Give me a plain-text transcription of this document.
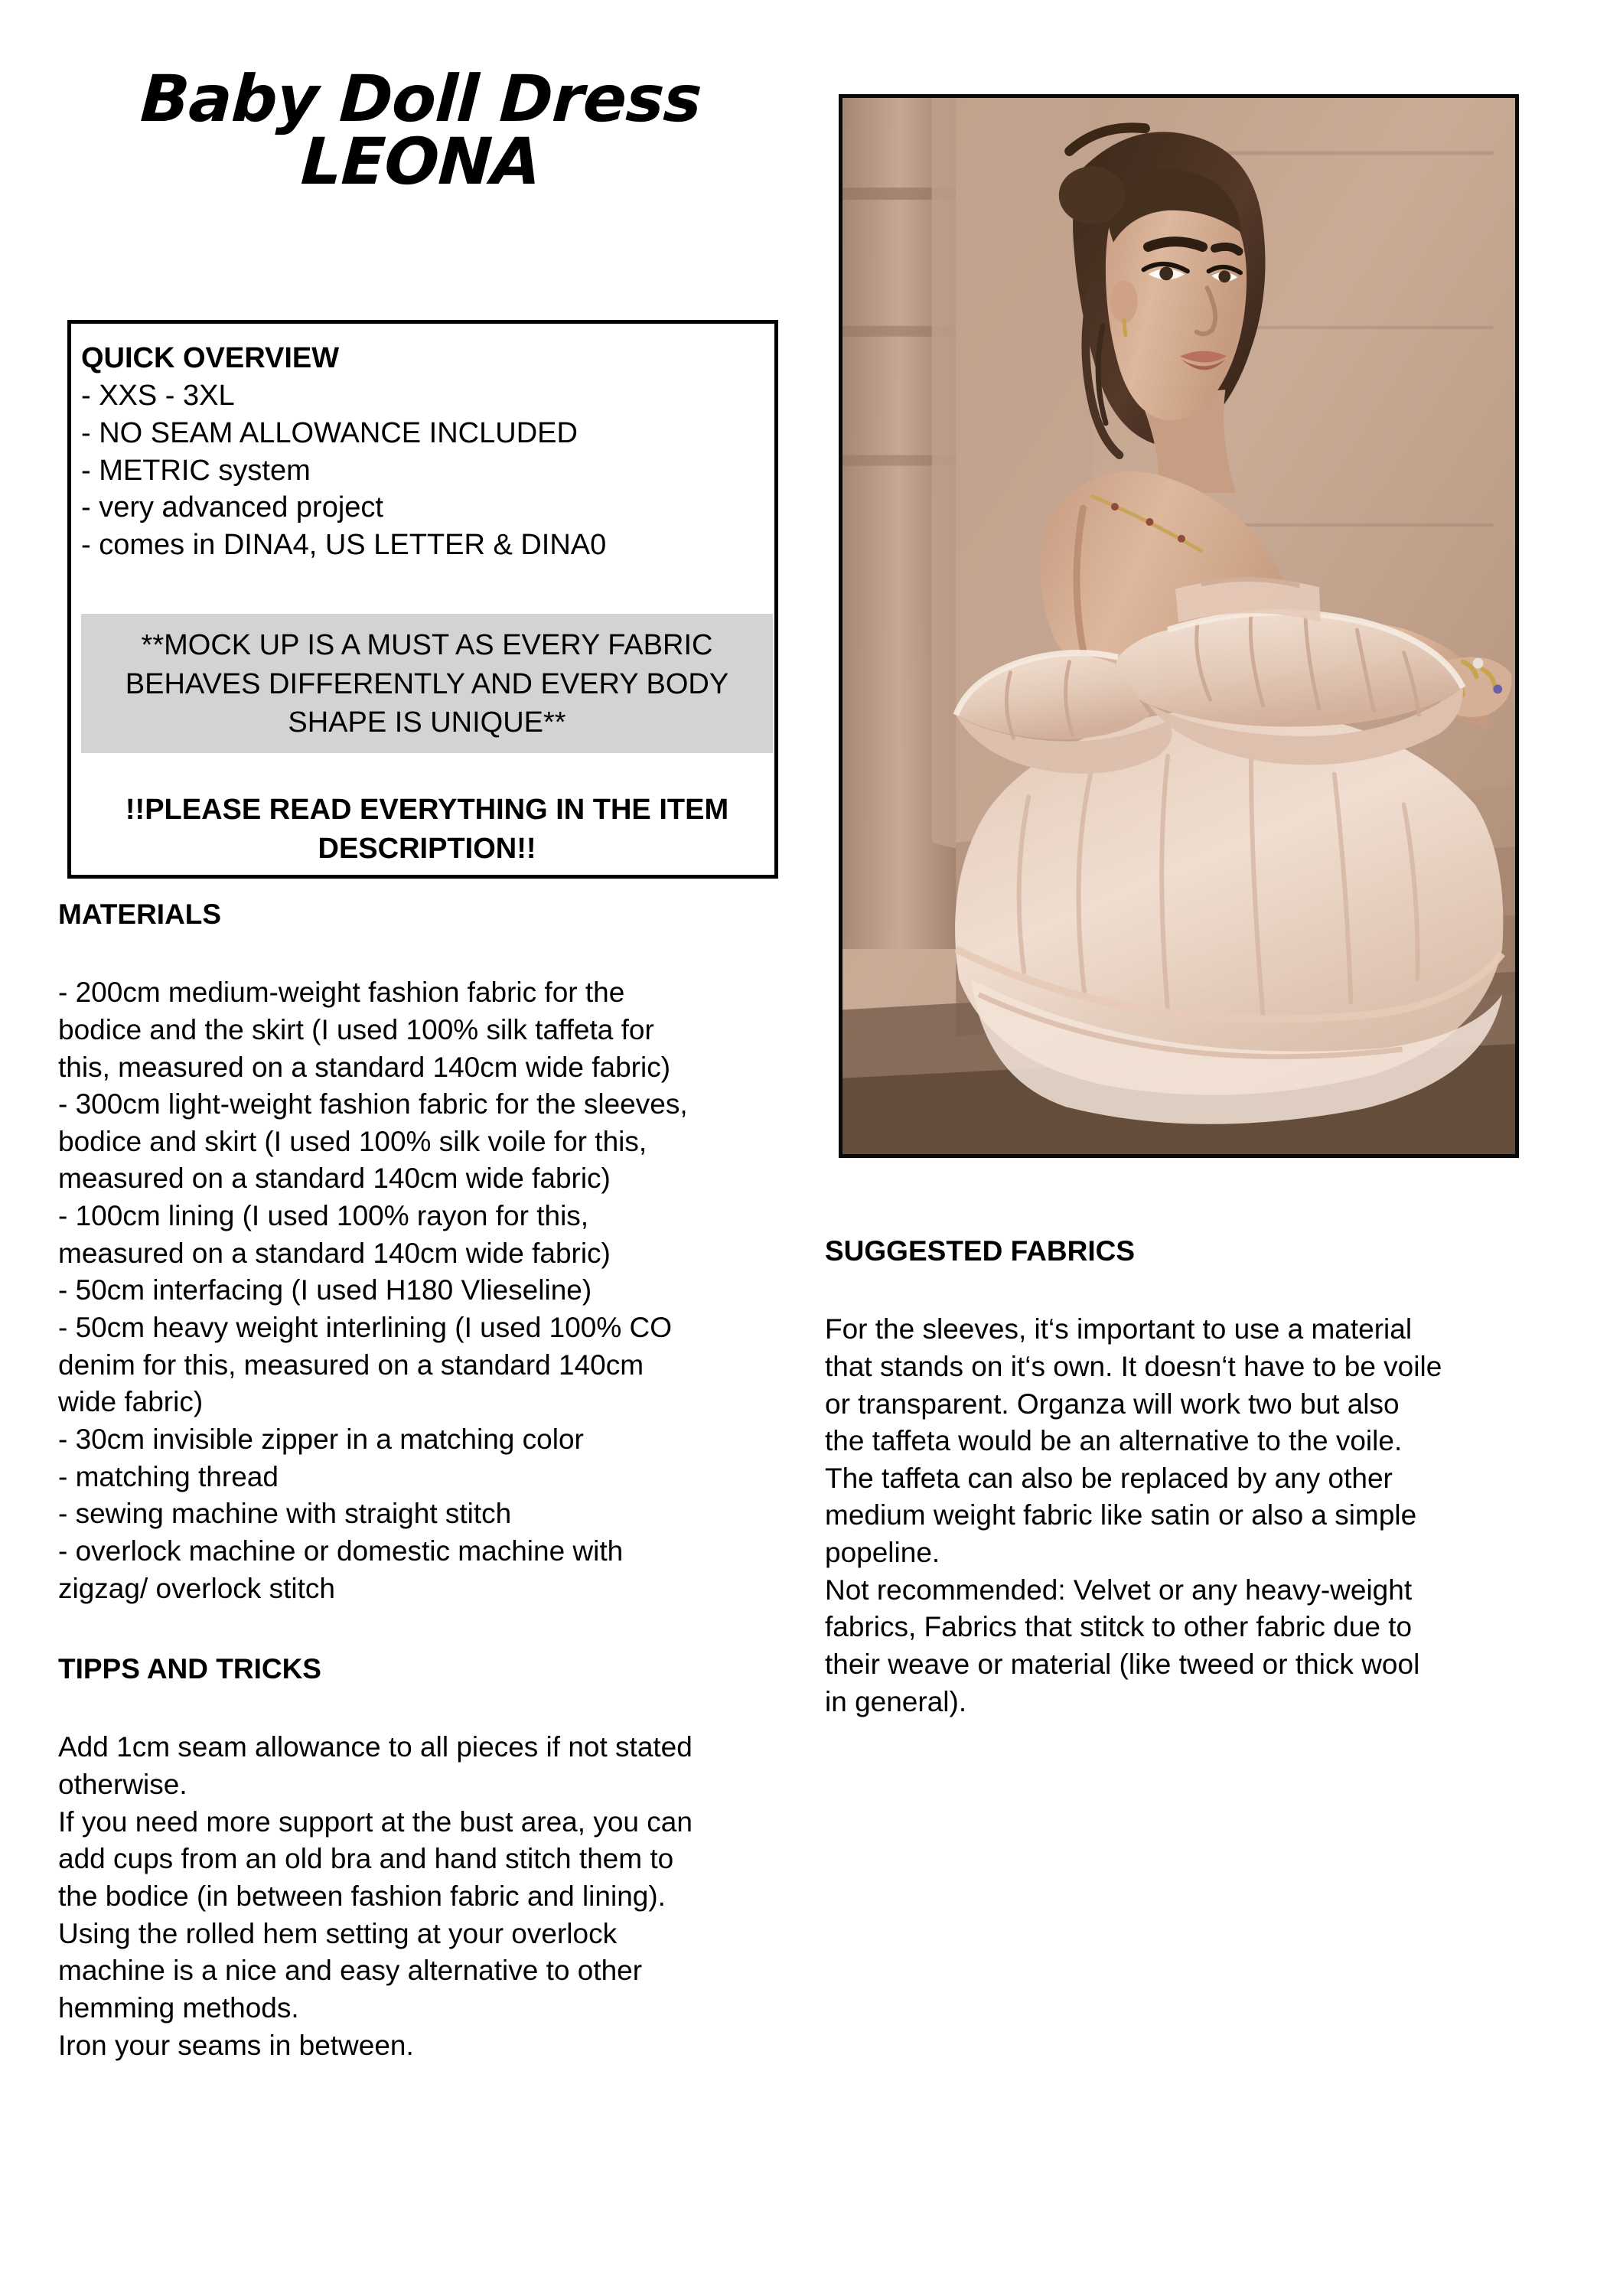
Baby Doll Dress
LEONA
QUICK OVERVIEW
- XXS - 3XL
- NO SEAM ALLOWANCE INCLUDED
- METRIC system
- very advanced project
- comes in DINA4, US LETTER & DINA0
**MOCK UP IS A MUST AS EVERY FABRIC
BEHAVES DIFFERENTLY AND EVERY BODY
SHAPE IS UNIQUE**
!!PLEASE READ EVERYTHING IN THE ITEM
DESCRIPTION!!
MATERIALS
- 200cm medium-weight fashion fabric for the
bodice and the skirt (I used 100% silk taffeta for
this, measured on a standard 140cm wide fabric)
- 300cm light-weight fashion fabric for the sleeves,
bodice and skirt (I used 100% silk voile for this,
measured on a standard 140cm wide fabric)
- 100cm lining (I used 100% rayon for this,
measured on a standard 140cm wide fabric)
- 50cm interfacing (I used H180 Vlieseline)
- 50cm heavy weight interlining (I used 100% CO
denim for this, measured on a standard 140cm
wide fabric)
- 30cm invisible zipper in a matching color
- matching thread
- sewing machine with straight stitch
- overlock machine or domestic machine with
zigzag/ overlock stitch
TIPPS AND TRICKS
Add 1cm seam allowance to all pieces if not stated
otherwise.
If you need more support at the bust area, you can
add cups from an old bra and hand stitch them to
the bodice (in between fashion fabric and lining).
Using the rolled hem setting at your overlock
machine is a nice and easy alternative to other
hemming methods.
Iron your seams in between.
SUGGESTED FABRICS
For the sleeves, it‘s important to use a material
that stands on it‘s own. It doesn‘t have to be voile
or transparent. Organza will work two but also
the taffeta would be an alternative to the voile.
The taffeta can also be replaced by any other
medium weight fabric like satin or also a simple
popeline.
Not recommended: Velvet or any heavy-weight
fabrics, Fabrics that stitck to other fabric due to
their weave or material (like tweed or thick wool
in general).
